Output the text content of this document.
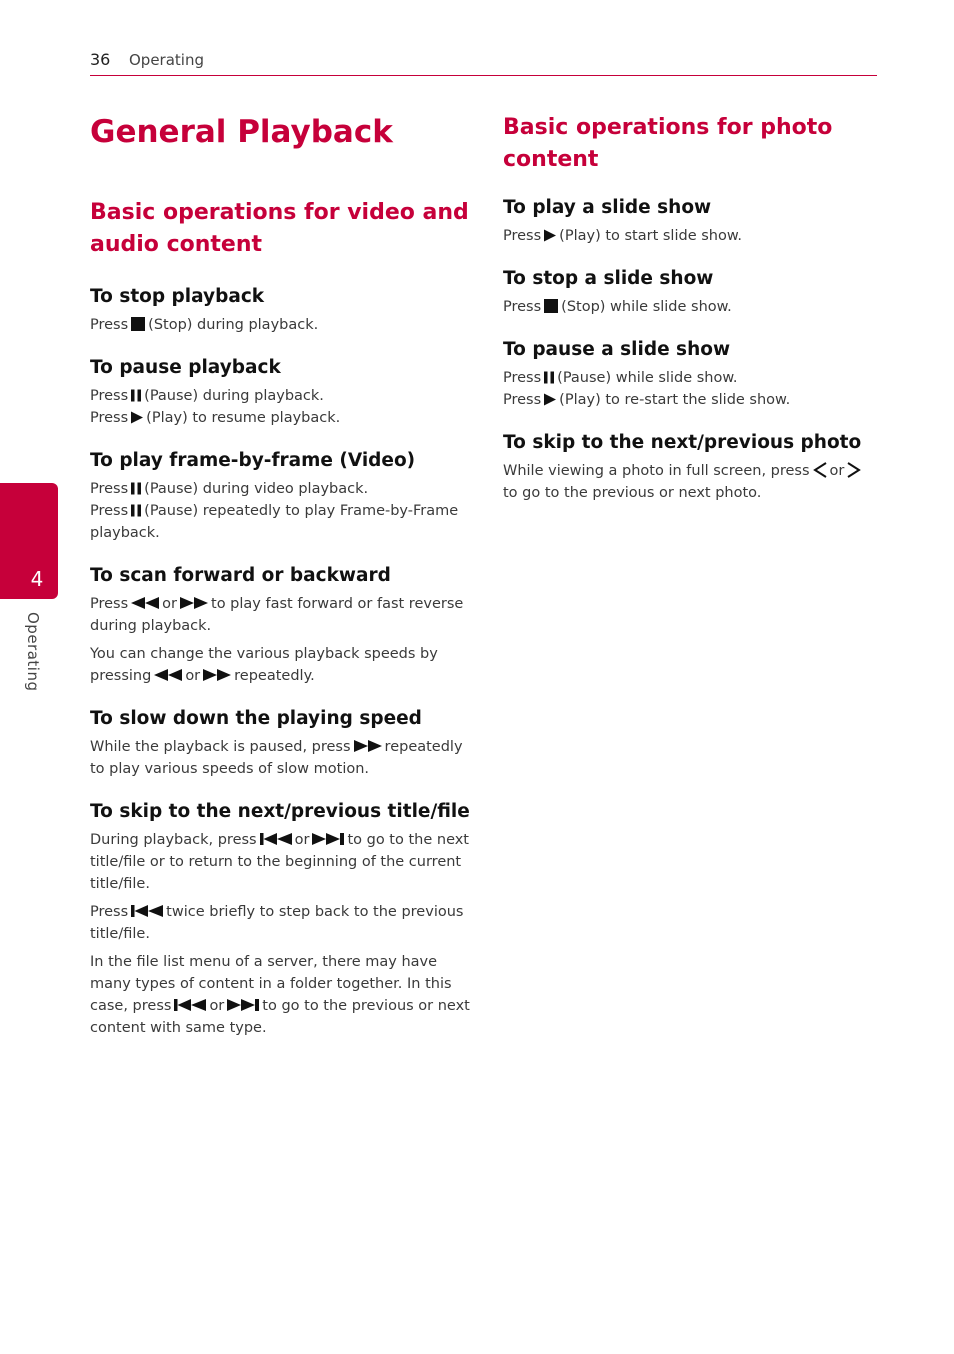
36 Operating
4
Operating
General Playback
Basic operations for video and audio content
To stop playback

Press (Stop) during playback.

To pause playback

Press (Pause) during playback.
Press (Play) to resume playback.

To play frame-by-frame (Video)

Press (Pause) during video playback.
Press (Pause) repeatedly to play Frame-by-Frame playback.

To scan forward or backward

Press or to play fast forward or fast reverse during playback.

You can change the various playback speeds by pressing or repeatedly.

To slow down the playing speed

While the playback is paused, press repeatedly to play various speeds of slow motion.

To skip to the next/previous title/file

During playback, press	or	to go to the next title/file or to return to the beginning of the current title/file.

Press	twice briefly to step back to the previous title/file.

In the file list menu of a server, there may have many types of content in a folder together. In this case, press	or	to go to the previous or next content with same type.

Basic operations for photo content
To play a slide show

Press (Play) to start slide show.

To stop a slide show

Press (Stop) while slide show.

To pause a slide show

Press (Pause) while slide show.
Press (Play) to re-start the slide show.

To skip to the next/previous photo

While viewing a photo in full screen, press orto go to the previous or next photo.
